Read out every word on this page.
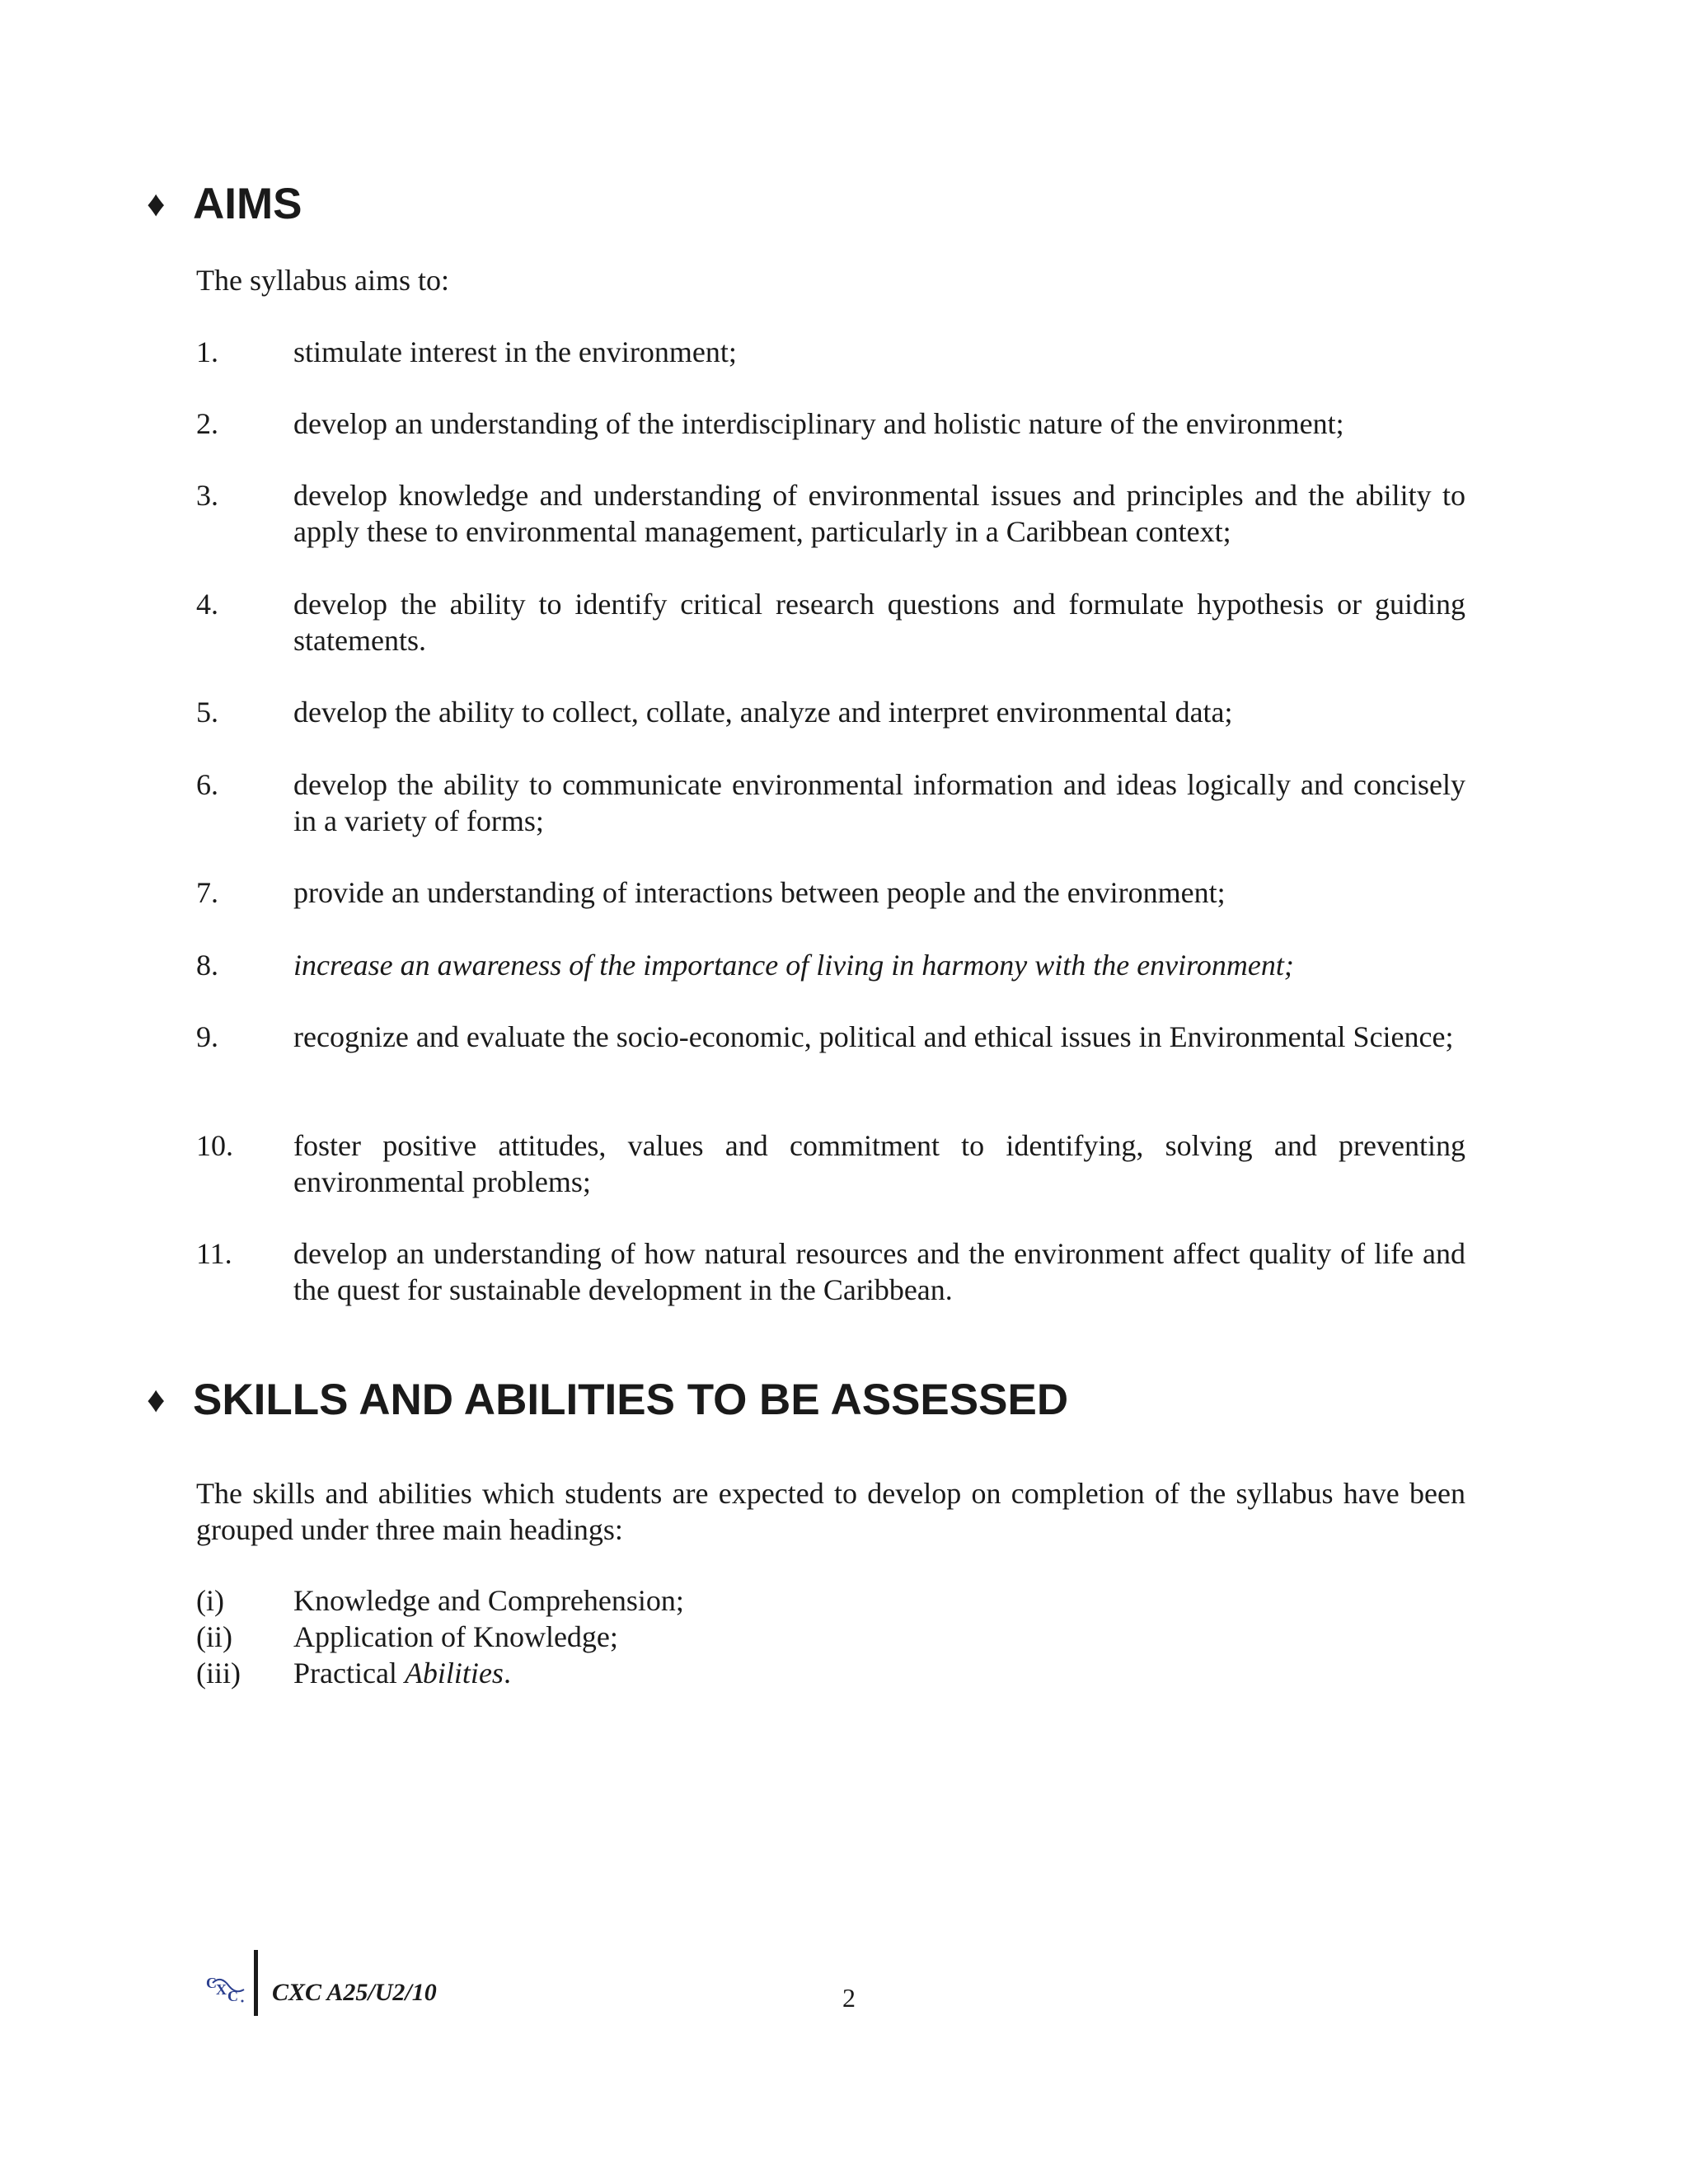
♦ AIMS
The syllabus aims to:
1.	stimulate interest in the environment;
2.	develop an understanding of the interdisciplinary and holistic nature of the environment;
3.	develop knowledge and understanding of environmental issues and principles and the ability to apply these to environmental management, particularly in a Caribbean context;
4.	develop the ability to identify critical research questions and formulate hypothesis or guiding statements.
5.	develop the ability to collect, collate, analyze and interpret environmental data;
6.	develop the ability to communicate environmental information and ideas logically and concisely in a variety of forms;
7.	provide an understanding of interactions between people and the environment;
8.	increase an awareness of the importance of living in harmony with the environment;
9.	recognize and evaluate the socio-economic, political and ethical issues in Environmental Science;
10.	foster positive attitudes, values and commitment to identifying, solving and preventing environmental problems;
11.	develop an understanding of how natural resources and the environment affect quality of life and the quest for sustainable development in the Caribbean.
♦ SKILLS AND ABILITIES TO BE ASSESSED
The skills and abilities which students are expected to develop on completion of the syllabus have been grouped under three main headings:
(i) Knowledge and Comprehension;
(ii) Application of Knowledge;
(iii) Practical Abilities.
C X C CXC A25/U2/10	2
